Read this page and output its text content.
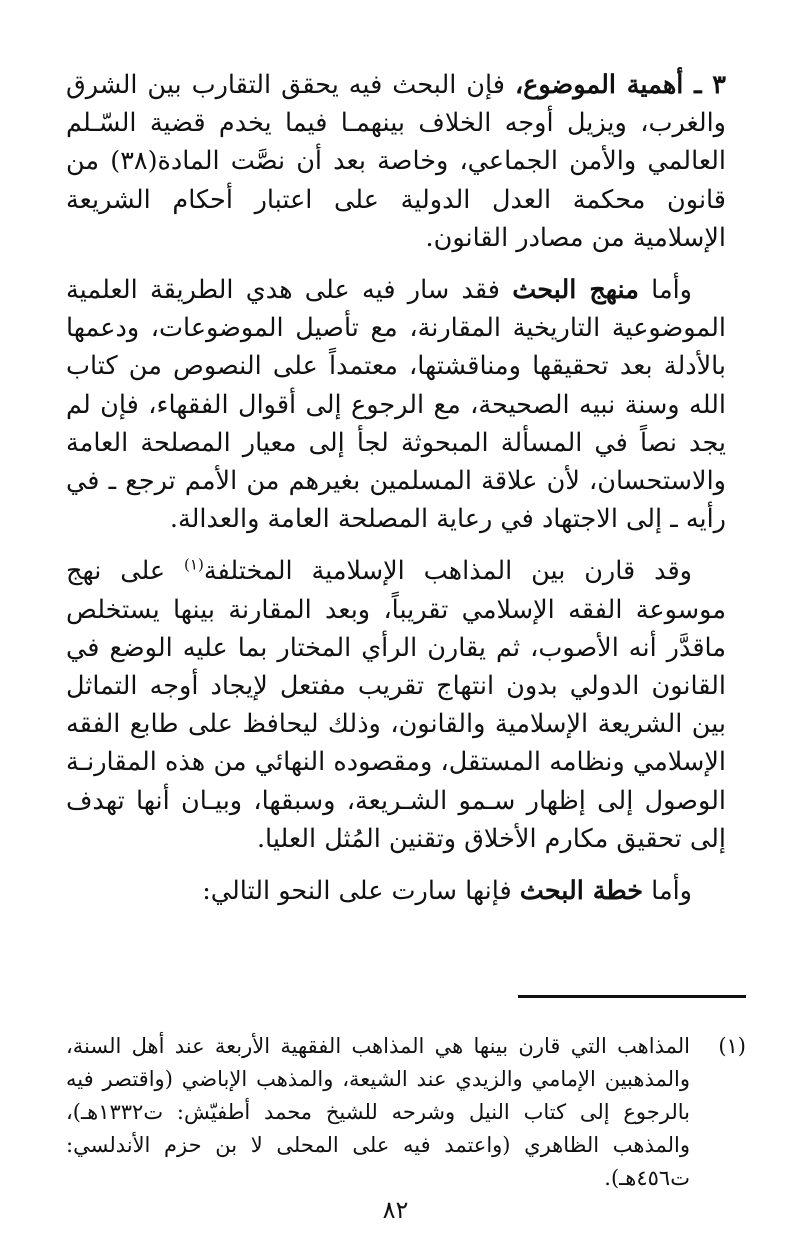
٣ ـ أهمية الموضوع، فإن البحث فيه يحقق التقارب بين الشرق والغرب، ويزيل أوجه الخلاف بينهمـا فيما يخدم قضية السّـلم العالمي والأمن الجماعي، وخاصة بعد أن نصَّت المادة(٣٨) من قانون محكمة العدل الدولية على اعتبار أحكام الشريعة الإسلامية من مصادر القانون.

وأما منهج البحث فقد سار فيه على هدي الطريقة العلمية الموضوعية التاريخية المقارنة، مع تأصيل الموضوعات، ودعمها بالأدلة بعد تحقيقها ومناقشتها، معتمداً على النصوص من كتاب الله وسنة نبيه الصحيحة، مع الرجوع إلى أقوال الفقهاء، فإن لم يجد نصاً في المسألة المبحوثة لجأ إلى معيار المصلحة العامة والاستحسان، لأن علاقة المسلمين بغيرهم من الأمم ترجع ـ في رأيه ـ إلى الاجتهاد في رعاية المصلحة العامة والعدالة.

وقد قارن بين المذاهب الإسلامية المختلفة$^{(١)}$ على نهج موسوعة الفقه الإسلامي تقريباً، وبعد المقارنة بينها يستخلص ماقدَّر أنه الأصوب، ثم يقارن الرأي المختار بما عليه الوضع في القانون الدولي بدون انتهاج تقريب مفتعل لإيجاد أوجه التماثل بين الشريعة الإسلامية والقانون، وذلك ليحافظ على طابع الفقه الإسلامي ونظامه المستقل، ومقصوده النهائي من هذه المقارنـة الوصول إلى إظهار سـمو الشـريعة، وسبقها، وبيـان أنها تهدف إلى تحقيق مكارم الأخلاق وتقنين المُثل العليا.

وأما خطة البحث فإنها سارت على النحو التالي:

(١)
المذاهب التي قارن بينها هي المذاهب الفقهية الأربعة عند أهل السنة، والمذهبين الإمامي والزيدي عند الشيعة، والمذهب الإباضي (واقتصر فيه بالرجوع إلى كتاب النيل وشرحه للشيخ محمد أطفيّش: ت١٣٣٢هـ)، والمذهب الظاهري (واعتمد فيه على المحلى لا بن حزم الأندلسي: ت٤٥٦هـ).
٨٢
